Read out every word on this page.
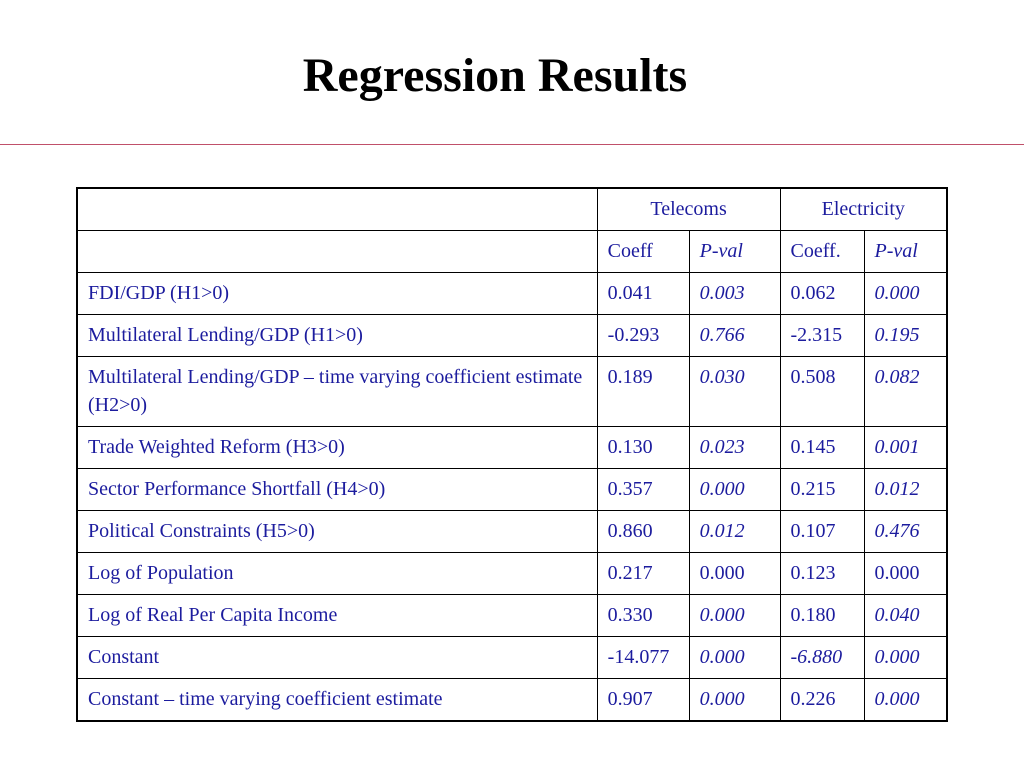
Regression Results
	Telecoms		Electricity	
	Coeff	P-val	Coeff.	P-val
FDI/GDP (H1>0)	0.041	0.003	0.062	0.000
Multilateral Lending/GDP (H1>0)	-0.293	0.766	-2.315	0.195
Multilateral Lending/GDP – time varying coefficient estimate (H2>0)	0.189	0.030	0.508	0.082
Trade Weighted Reform (H3>0)	0.130	0.023	0.145	0.001
Sector Performance Shortfall (H4>0)	0.357	0.000	0.215	0.012
Political Constraints (H5>0)	0.860	0.012	0.107	0.476
Log of Population	0.217	0.000	0.123	0.000
Log of Real Per Capita Income	0.330	0.000	0.180	0.040
Constant	-14.077	0.000	-6.880	0.000
Constant – time varying coefficient estimate	0.907	0.000	0.226	0.000
